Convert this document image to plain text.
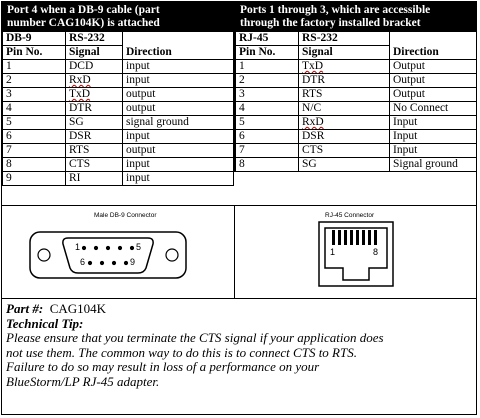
Port 4 when a DB-9 cable (part
number CAG104K) is attached
DB-9	RS-232	
Pin No.	Signal	Direction
1	DCD	input
2	RxD	input
3	TxD	output
4	DTR	output
5	SG	signal ground
6	DSR	input
7	RTS	output
8	CTS	input
9	RI	input
Ports 1 through 3, which are accessible
through the factory installed bracket
RJ-45	RS-232	
Pin No.	Signal	Direction
1	TxD	Output
2	DTR	Output
3	RTS	Output
4	N/C	No Connect
5	RxD	Input
6	DSR	Input
7	CTS	Input
8	SG	Signal ground
Male DB-9 Connector
1	5
6	9
RJ-45 Connector
1	8
Part #: CAG104K
Technical Tip:
Please ensure that you terminate the CTS signal if your application does
not use them. The common way to do this is to connect CTS to RTS.
Failure to do so may result in loss of a performance on your
BlueStorm/LP RJ-45 adapter.
